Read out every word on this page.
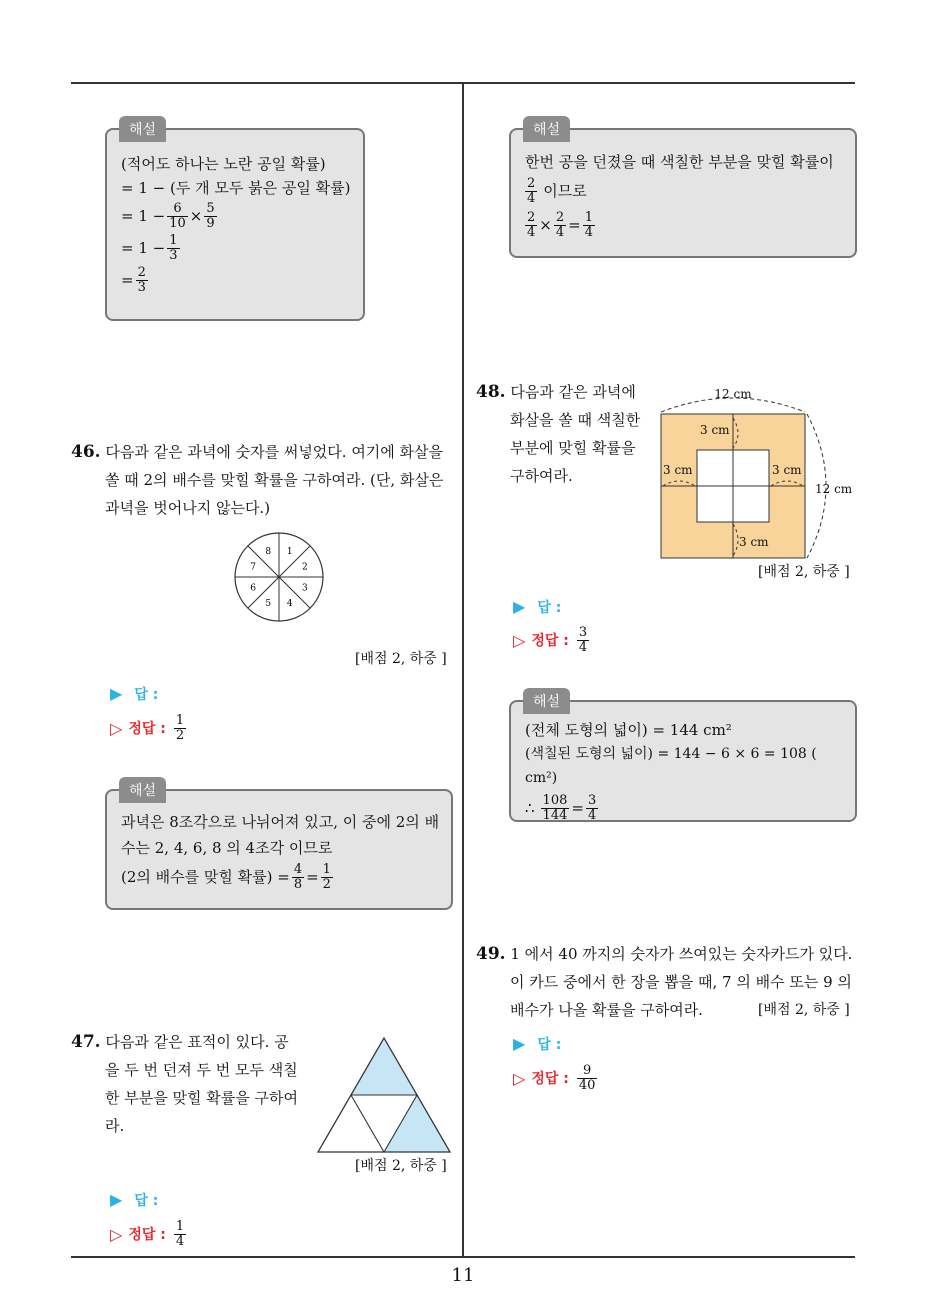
11
해설
(적어도 하나는 노란 공일 확률)
= 1 − (두 개 모두 붉은 공일 확률)
= $1 - \frac{6}{10} \times \frac{5}{9}$
= $1 - \frac{1}{3}$
= $\frac{2}{3}$
46. 다음과 같은 과녁에 숫자를 써넣었다. 여기에 화살을
쏠 때 2의 배수를 맞힐 확률을 구하여라. (단, 화살은
과녁을 벗어나지 않는다.)
1
2
3
4
5
6
7
8
[배점 2, 하중 ]
▶ 답 :
▷ 정답 : $\frac{1}{2}$
해설
과녁은 8조각으로 나뉘어져 있고, 이 중에 2의 배
수는 2, 4, 6, 8 의 4조각 이므로
(2의 배수를 맞힐 확률) = $\frac{4}{8} = \frac{1}{2}$
47. 다음과 같은 표적이 있다. 공
을 두 번 던져 두 번 모두 색칠
한 부분을 맞힐 확률을 구하여
라.
[배점 2, 하중 ]
▶ 답 :
▷ 정답 : $\frac{1}{4}$
해설
한번 공을 던졌을 때 색칠한 부분을 맞힐 확률이
$\frac{2}{4}$ 이므로
$\frac{2}{4} \times \frac{2}{4} = \frac{1}{4}$
48. 다음과 같은 과녁에
화살을 쏠 때 색칠한
부분에 맞힐 확률을
구하여라.
12 cm
12 cm
3 cm
3 cm	3 cm
3 cm
[배점 2, 하중 ]
▶ 답 :
▷ 정답 : $\frac{3}{4}$
해설
(전체 도형의 넓이) = 144 cm²
(색칠된 도형의 넓이) = 144 − 6 × 6 = 108 ( cm²)
∴ $\frac{108}{144} = \frac{3}{4}$
49. 1 에서 40 까지의 숫자가 쓰여있는 숫자카드가 있다.
이 카드 중에서 한 장을 뽑을 때, 7 의 배수 또는 9 의
배수가 나올 확률을 구하여라.	[배점 2, 하중 ]
▶ 답 :
▷ 정답 : $\frac{9}{40}$
